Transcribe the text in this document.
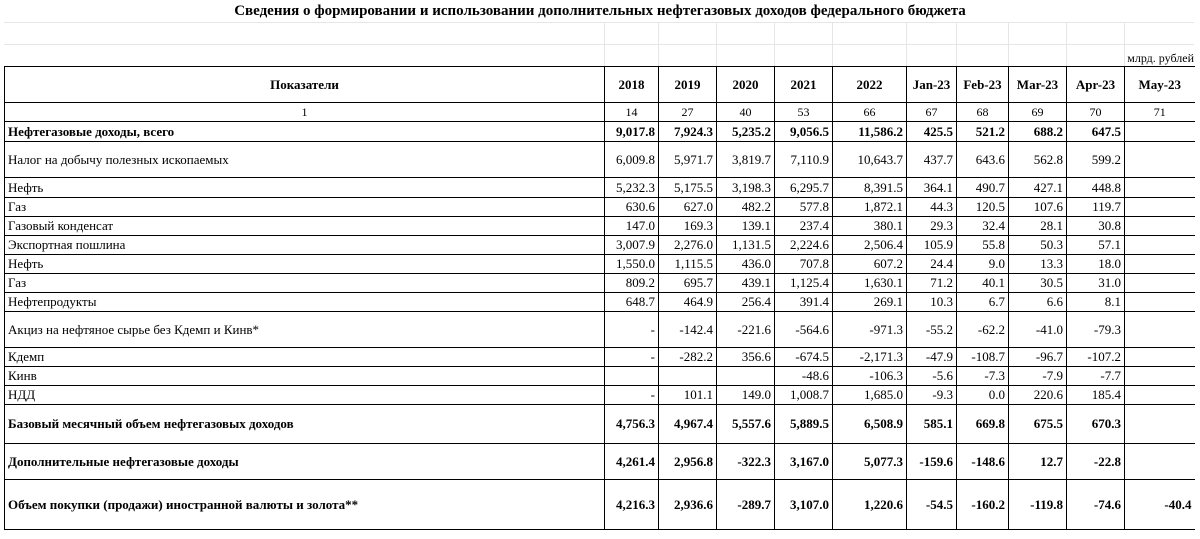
Сведения о формировании и использовании дополнительных нефтегазовых доходов федерального бюджета
млрд. рублей
Показатели	2018	2019	2020	2021	2022	Jan-23	Feb-23	Mar-23	Apr-23	May-23
1	14	27	40	53	66	67	68	69	70	71
Нефтегазовые доходы, всего	9,017.8	7,924.3	5,235.2	9,056.5	11,586.2	425.5	521.2	688.2	647.5	
Налог на добычу полезных ископаемых	6,009.8	5,971.7	3,819.7	7,110.9	10,643.7	437.7	643.6	562.8	599.2	
Нефть	5,232.3	5,175.5	3,198.3	6,295.7	8,391.5	364.1	490.7	427.1	448.8	
Газ	630.6	627.0	482.2	577.8	1,872.1	44.3	120.5	107.6	119.7	
Газовый конденсат	147.0	169.3	139.1	237.4	380.1	29.3	32.4	28.1	30.8	
Экспортная пошлина	3,007.9	2,276.0	1,131.5	2,224.6	2,506.4	105.9	55.8	50.3	57.1	
Нефть	1,550.0	1,115.5	436.0	707.8	607.2	24.4	9.0	13.3	18.0	
Газ	809.2	695.7	439.1	1,125.4	1,630.1	71.2	40.1	30.5	31.0	
Нефтепродукты	648.7	464.9	256.4	391.4	269.1	10.3	6.7	6.6	8.1	
Акциз на нефтяное сырье без Кдемп и Кинв*	-	-142.4	-221.6	-564.6	-971.3	-55.2	-62.2	-41.0	-79.3	
Кдемп	-	-282.2	356.6	-674.5	-2,171.3	-47.9	-108.7	-96.7	-107.2	
Кинв				-48.6	-106.3	-5.6	-7.3	-7.9	-7.7	
НДД	-	101.1	149.0	1,008.7	1,685.0	-9.3	0.0	220.6	185.4	
Базовый месячный объем нефтегазовых доходов	4,756.3	4,967.4	5,557.6	5,889.5	6,508.9	585.1	669.8	675.5	670.3	
Дополнительные нефтегазовые доходы	4,261.4	2,956.8	-322.3	3,167.0	5,077.3	-159.6	-148.6	12.7	-22.8	
Объем покупки (продажи) иностранной валюты и золота**	4,216.3	2,936.6	-289.7	3,107.0	1,220.6	-54.5	-160.2	-119.8	-74.6	-40.4
